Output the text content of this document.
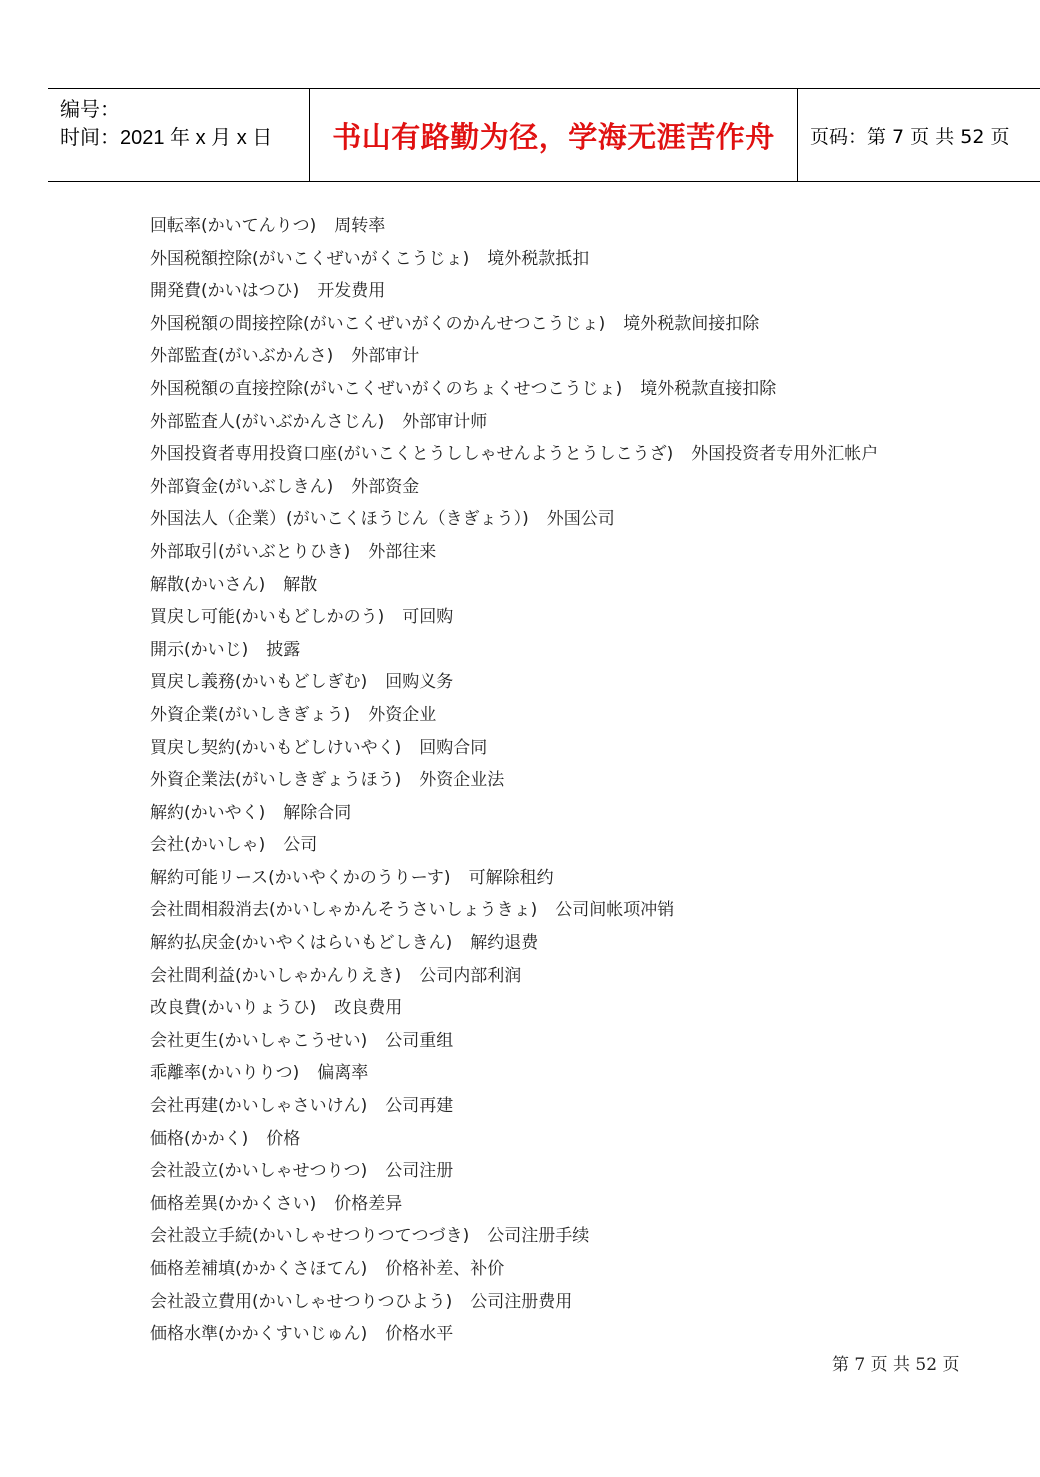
编号：
时间：2021 年 x 月 x 日	书山有路勤为径，学海无涯苦作舟	页码：第 7 页 共 52 页
回転率(かいてんりつ) 周转率
外国税額控除(がいこくぜいがくこうじょ) 境外税款抵扣
開発費(かいはつひ) 开发费用
外国税額の間接控除(がいこくぜいがくのかんせつこうじょ) 境外税款间接扣除
外部監査(がいぶかんさ) 外部审计
外国税額の直接控除(がいこくぜいがくのちょくせつこうじょ) 境外税款直接扣除
外部監査人(がいぶかんさじん) 外部审计师
外国投資者専用投資口座(がいこくとうししゃせんようとうしこうざ) 外国投资者专用外汇帐户
外部資金(がいぶしきん) 外部资金
外国法人（企業）(がいこくほうじん（きぎょう）) 外国公司
外部取引(がいぶとりひき) 外部往来
解散(かいさん) 解散
買戻し可能(かいもどしかのう) 可回购
開示(かいじ) 披露
買戻し義務(かいもどしぎむ) 回购义务
外資企業(がいしきぎょう) 外资企业
買戻し契約(かいもどしけいやく) 回购合同
外資企業法(がいしきぎょうほう) 外资企业法
解約(かいやく) 解除合同
会社(かいしゃ) 公司
解約可能リース(かいやくかのうりーす) 可解除租约
会社間相殺消去(かいしゃかんそうさいしょうきょ) 公司间帐项冲销
解約払戻金(かいやくはらいもどしきん) 解约退费
会社間利益(かいしゃかんりえき) 公司内部利润
改良費(かいりょうひ) 改良费用
会社更生(かいしゃこうせい) 公司重组
乖離率(かいりりつ) 偏离率
会社再建(かいしゃさいけん) 公司再建
価格(かかく) 价格
会社設立(かいしゃせつりつ) 公司注册
価格差異(かかくさい) 价格差异
会社設立手続(かいしゃせつりつてつづき) 公司注册手续
価格差補填(かかくさほてん) 价格补差、补价
会社設立費用(かいしゃせつりつひよう) 公司注册费用
価格水準(かかくすいじゅん) 价格水平
第 7 页 共 52 页
